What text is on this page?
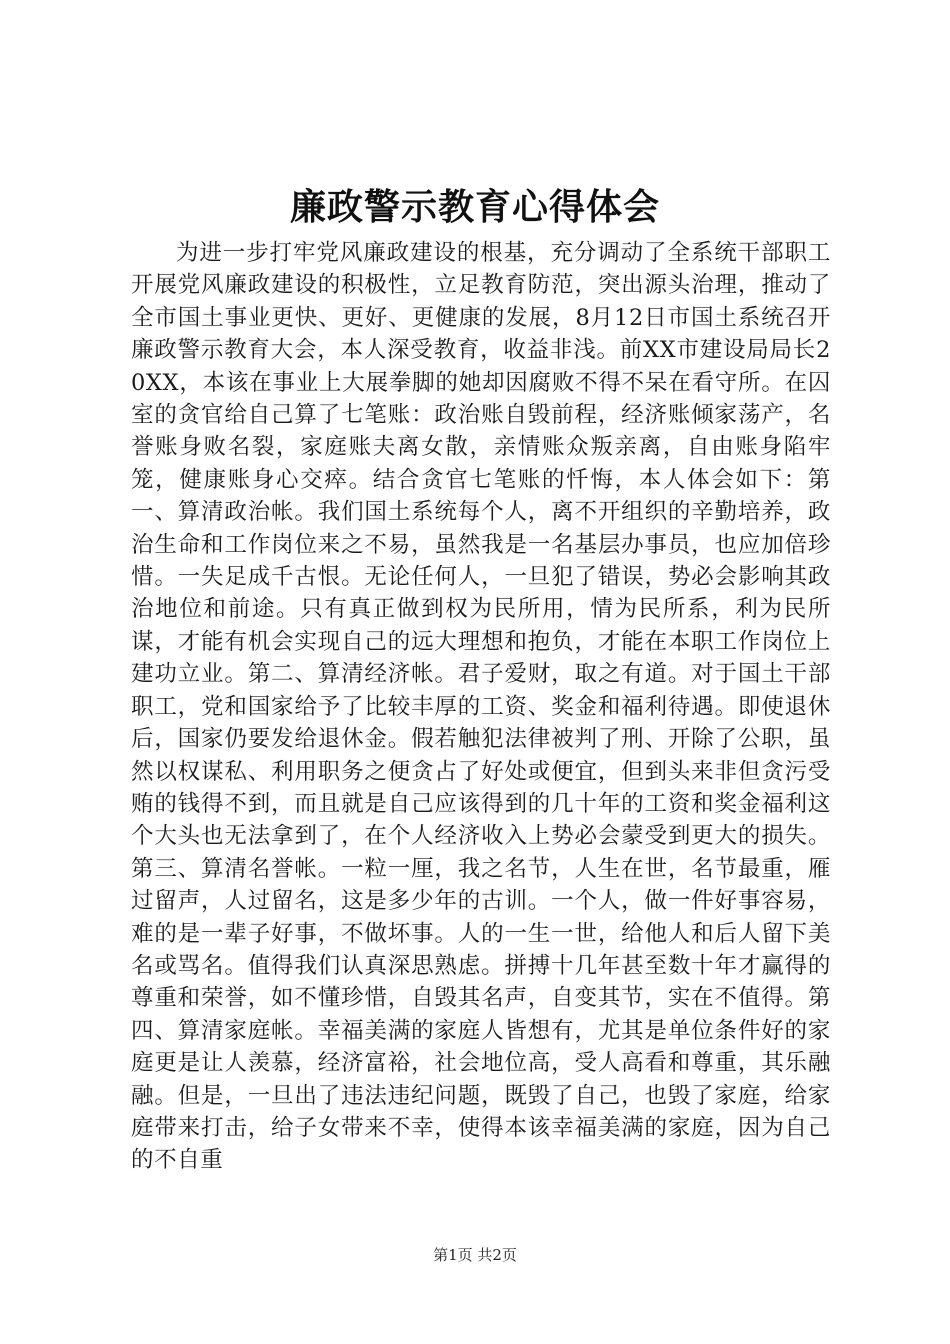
廉政警示教育心得体会

为进一步打牢党风廉政建设的根基，充分调动了全系统干部职工开展党风廉政建设的积极性，立足教育防范，突出源头治理，推动了全市国土事业更快、更好、更健康的发展，8月12日市国土系统召开廉政警示教育大会，本人深受教育，收益非浅。前XX市建设局局长20XX，本该在事业上大展拳脚的她却因腐败不得不呆在看守所。在囚室的贪官给自己算了七笔账：政治账自毁前程，经济账倾家荡产，名誉账身败名裂，家庭账夫离女散，亲情账众叛亲离，自由账身陷牢笼，健康账身心交瘁。结合贪官七笔账的忏悔，本人体会如下：第一、算清政治帐。我们国土系统每个人，离不开组织的辛勤培养，政治生命和工作岗位来之不易，虽然我是一名基层办事员，也应加倍珍惜。一失足成千古恨。无论任何人，一旦犯了错误，势必会影响其政治地位和前途。只有真正做到权为民所用，情为民所系，利为民所谋，才能有机会实现自己的远大理想和抱负，才能在本职工作岗位上建功立业。第二、算清经济帐。君子爱财，取之有道。对于国土干部职工，党和国家给予了比较丰厚的工资、奖金和福利待遇。即使退休后，国家仍要发给退休金。假若触犯法律被判了刑、开除了公职，虽然以权谋私、利用职务之便贪占了好处或便宜，但到头来非但贪污受贿的钱得不到，而且就是自己应该得到的几十年的工资和奖金福利这个大头也无法拿到了，在个人经济收入上势必会蒙受到更大的损失。第三、算清名誉帐。一粒一厘，我之名节，人生在世，名节最重，雁过留声，人过留名，这是多少年的古训。一个人，做一件好事容易，难的是一辈子好事，不做坏事。人的一生一世，给他人和后人留下美名或骂名。值得我们认真深思熟虑。拼搏十几年甚至数十年才赢得的尊重和荣誉，如不懂珍惜，自毁其名声，自变其节，实在不值得。第四、算清家庭帐。幸福美满的家庭人皆想有，尤其是单位条件好的家庭更是让人羡慕，经济富裕，社会地位高，受人高看和尊重，其乐融融。但是，一旦出了违法违纪问题，既毁了自己，也毁了家庭，给家庭带来打击，给子女带来不幸，使得本该幸福美满的家庭，因为自己的不自重

第1页 共2页
